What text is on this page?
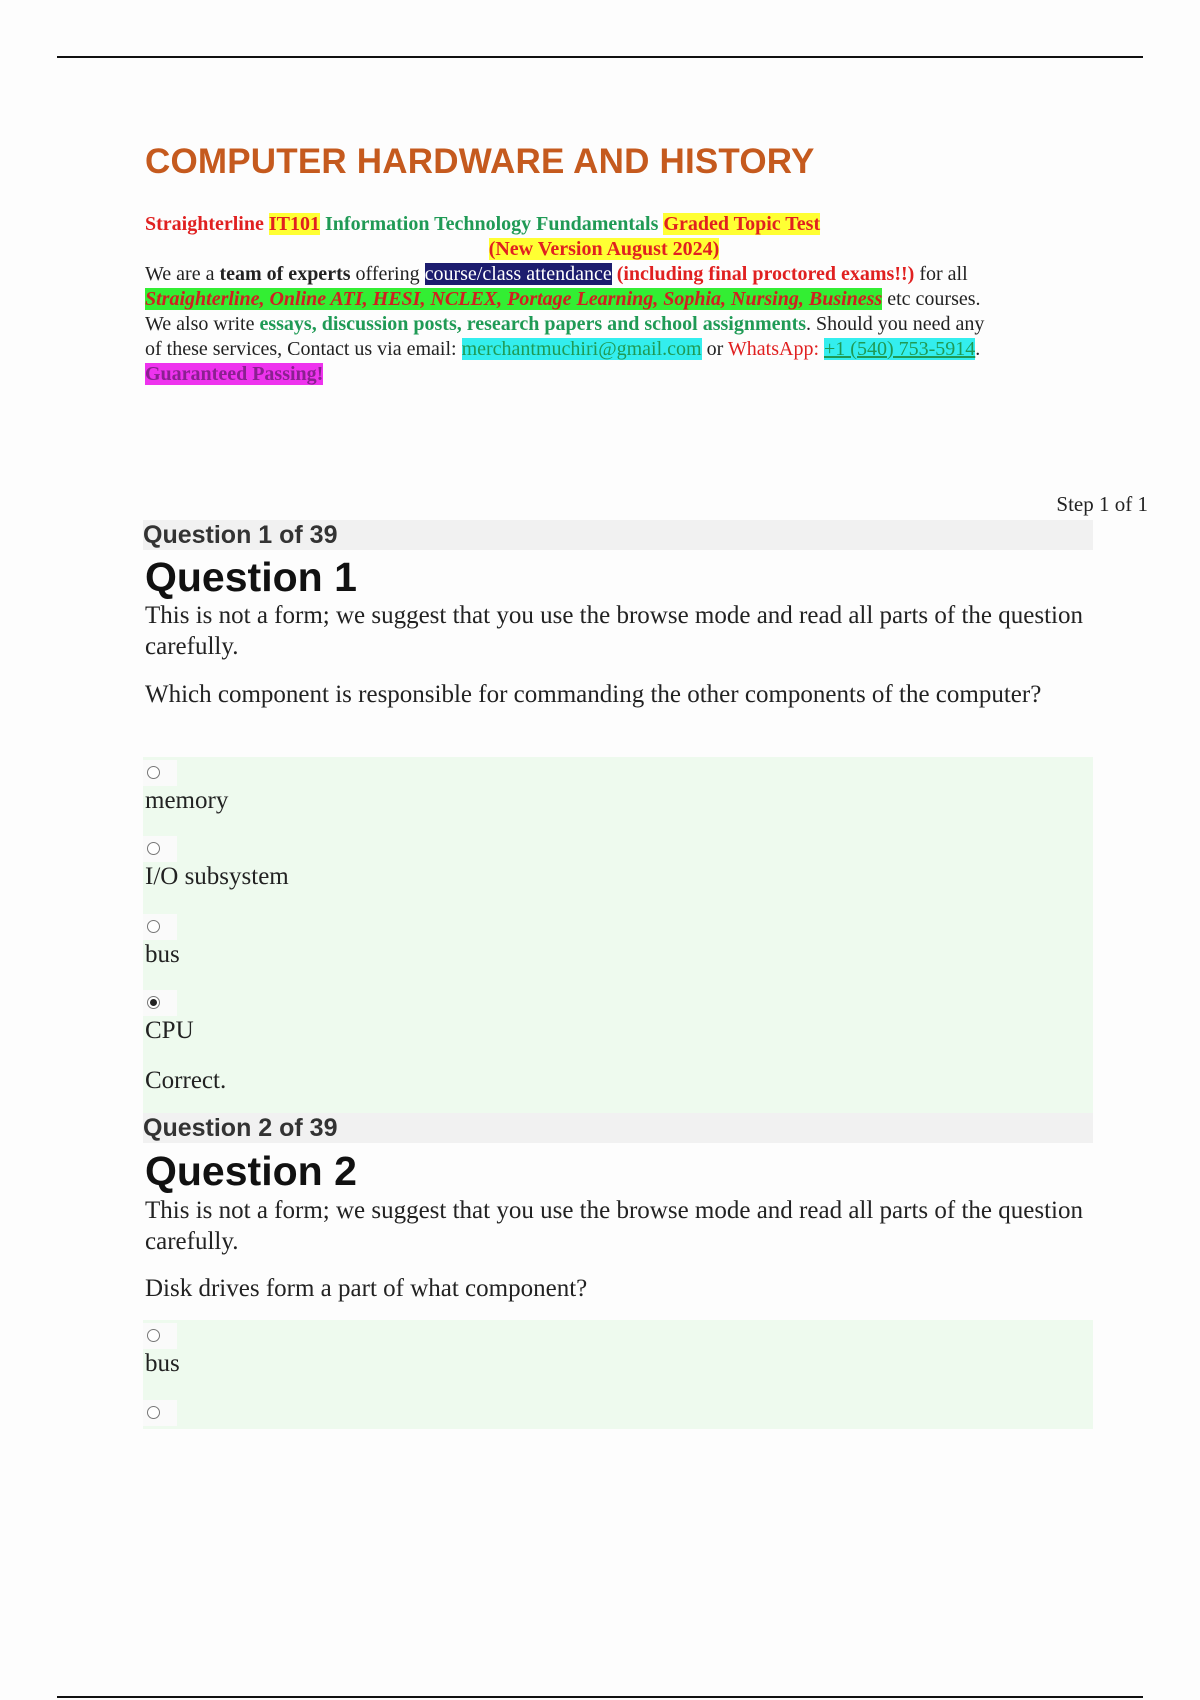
COMPUTER HARDWARE AND HISTORY
Straighterline IT101 Information Technology Fundamentals Graded Topic Test
(New Version August 2024)
We are a team of experts offering course/class attendance (including final proctored exams!!) for all
Straighterline, Online ATI, HESI, NCLEX, Portage Learning, Sophia, Nursing, Business etc courses.
We also write essays, discussion posts, research papers and school assignments. Should you need any
of these services, Contact us via email: merchantmuchiri@gmail.com or WhatsApp: +1 (540) 753-5914.
Guaranteed Passing!
Step 1 of 1
Question 1 of 39
Question 1

This is not a form; we suggest that you use the browse mode and read all parts of the question carefully.

Which component is responsible for commanding the other components of the computer?

memory
I/O subsystem
bus
CPU
Correct.
Question 2 of 39
Question 2

This is not a form; we suggest that you use the browse mode and read all parts of the question carefully.

Disk drives form a part of what component?

bus
